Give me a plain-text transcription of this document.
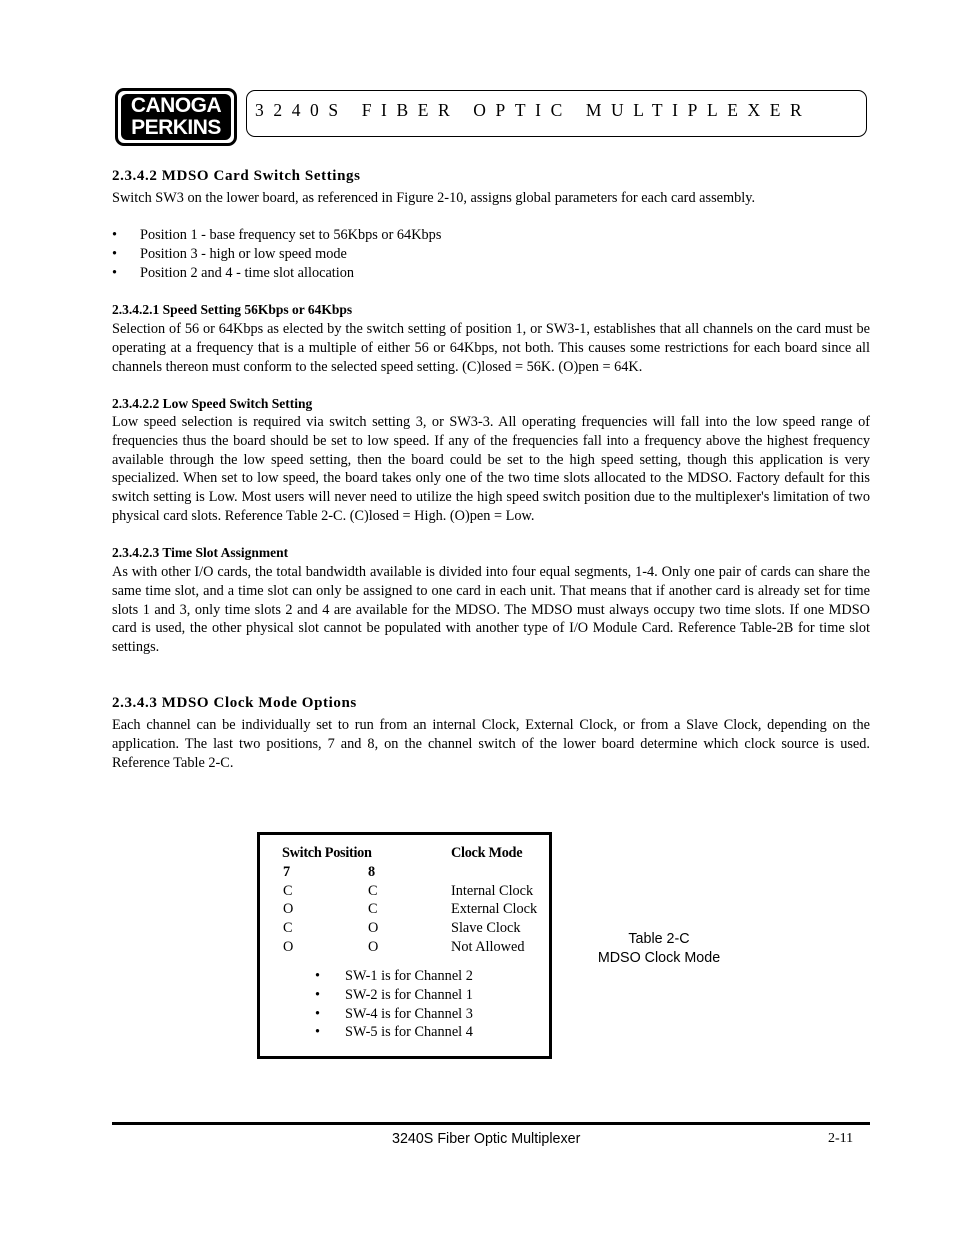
CANOGA
PERKINS
3240S FIBER OPTIC MULTIPLEXER
2.3.4.2 MDSO Card Switch Settings
Switch SW3 on the lower board, as referenced in Figure 2-10, assigns global parameters for each card assembly.
• Position 1 - base frequency set to 56Kbps or 64Kbps
• Position 3 - high or low speed mode
• Position 2 and 4 - time slot allocation
2.3.4.2.1 Speed Setting 56Kbps or 64Kbps
Selection of 56 or 64Kbps as elected by the switch setting of position 1, or SW3-1, establishes that all channels on the card must be operating at a frequency that is a multiple of either 56 or 64Kbps, not both. This causes some restrictions for each board since all channels thereon must conform to the selected speed setting. (C)losed = 56K. (O)pen = 64K.
2.3.4.2.2 Low Speed Switch Setting
Low speed selection is required via switch setting 3, or SW3-3. All operating frequencies will fall into the low speed range of frequencies thus the board should be set to low speed. If any of the frequencies fall into a frequency above the highest frequency available through the low speed setting, then the board could be set to the high speed setting, though this application is very specialized. When set to low speed, the board takes only one of the two time slots allocated to the MDSO. Factory default for this switch setting is Low. Most users will never need to utilize the high speed switch position due to the multiplexer's limitation of two physical card slots. Reference Table 2-C. (C)losed = High. (O)pen = Low.
2.3.4.2.3 Time Slot Assignment
As with other I/O cards, the total bandwidth available is divided into four equal segments, 1-4. Only one pair of cards can share the same time slot, and a time slot can only be assigned to one card in each unit. That means that if another card is already set for time slots 1 and 3, only time slots 2 and 4 are available for the MDSO. The MDSO must always occupy two time slots. If one MDSO card is used, the other physical slot cannot be populated with another type of I/O Module Card. Reference Table-2B for time slot settings.
2.3.4.3 MDSO Clock Mode Options
Each channel can be individually set to run from an internal Clock, External Clock, or from a Slave Clock, depending on the application. The last two positions, 7 and 8, on the channel switch of the lower board determine which clock source is used. Reference Table 2-C.
Switch Position	Clock Mode
7	8
C	C	Internal Clock
O	C	External Clock
C	O	Slave Clock
O	O	Not Allowed
• SW-1 is for Channel 2
• SW-2 is for Channel 1
• SW-4 is for Channel 3
• SW-5 is for Channel 4
Table 2-C
MDSO Clock Mode
3240S Fiber Optic Multiplexer	2-11
